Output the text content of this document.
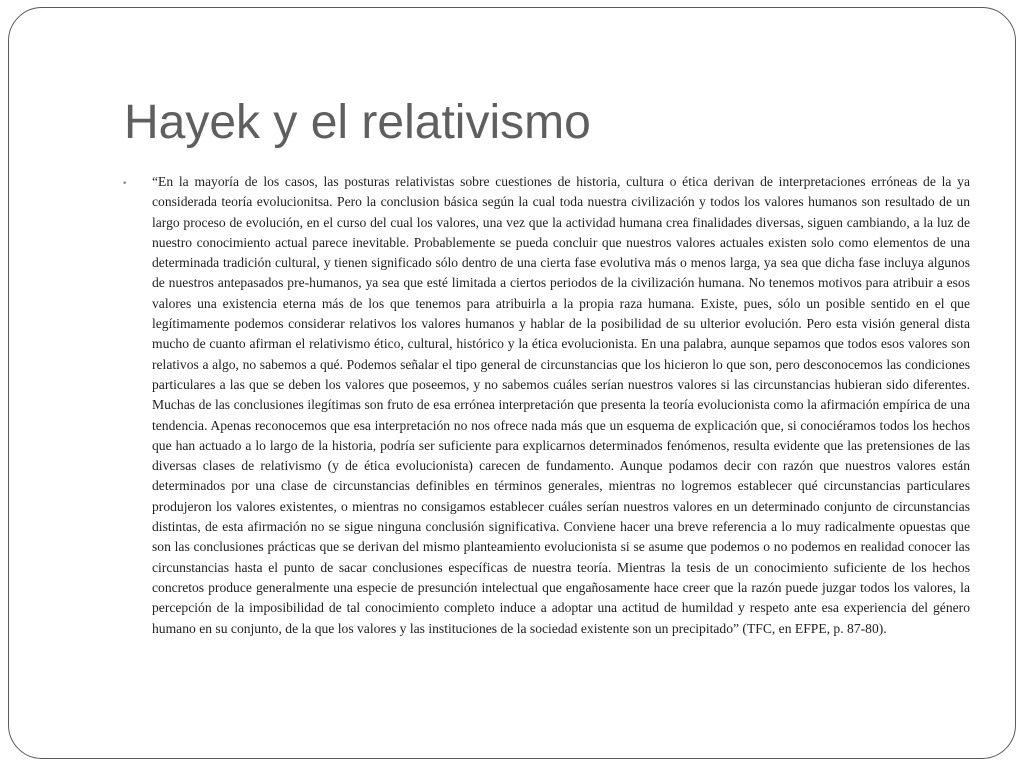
Hayek y el relativismo
• “En la mayoría de los casos, las posturas relativistas sobre cuestiones de historia, cultura o ética derivan de interpretaciones erróneas de la ya considerada teoría evolucionitsa. Pero la conclusion básica según la cual toda nuestra civilización y todos los valores humanos son resultado de un largo proceso de evolución, en el curso del cual los valores, una vez que la actividad humana crea finalidades diversas, siguen cambiando, a la luz de nuestro conocimiento actual parece inevitable. Probablemente se pueda concluir que nuestros valores actuales existen solo como elementos de una determinada tradición cultural, y tienen significado sólo dentro de una cierta fase evolutiva más o menos larga, ya sea que dicha fase incluya algunos de nuestros antepasados pre-humanos, ya sea que esté limitada a ciertos periodos de la civilización humana. No tenemos motivos para atribuir a esos valores una existencia eterna más de los que tenemos para atribuirla a la propia raza humana. Existe, pues, sólo un posible sentido en el que legítimamente podemos considerar relativos los valores humanos y hablar de la posibilidad de su ulterior evolución. Pero esta visión general dista mucho de cuanto afirman el relativismo ético, cultural, histórico y la ética evolucionista. En una palabra, aunque sepamos que todos esos valores son relativos a algo, no sabemos a qué. Podemos señalar el tipo general de circunstancias que los hicieron lo que son, pero desconocemos las condiciones particulares a las que se deben los valores que poseemos, y no sabemos cuáles serían nuestros valores si las circunstancias hubieran sido diferentes. Muchas de las conclusiones ilegítimas son fruto de esa errónea interpretación que presenta la teoría evolucionista como la afirmación empírica de una tendencia. Apenas reconocemos que esa interpretación no nos ofrece nada más que un esquema de explicación que, si conociéramos todos los hechos que han actuado a lo largo de la historia, podría ser suficiente para explicarnos determinados fenómenos, resulta evidente que las pretensiones de las diversas clases de relativismo (y de ética evolucionista) carecen de fundamento. Aunque podamos decir con razón que nuestros valores están determinados por una clase de circunstancias definibles en términos generales, mientras no logremos establecer qué circunstancias particulares produjeron los valores existentes, o mientras no consigamos establecer cuáles serían nuestros valores en un determinado conjunto de circunstancias distintas, de esta afirmación no se sigue ninguna conclusión significativa. Conviene hacer una breve referencia a lo muy radicalmente opuestas que son las conclusiones prácticas que se derivan del mismo planteamiento evolucionista si se asume que podemos o no podemos en realidad conocer las circunstancias hasta el punto de sacar conclusiones específicas de nuestra teoría. Mientras la tesis de un conocimiento suficiente de los hechos concretos produce generalmente una especie de presunción intelectual que engañosamente hace creer que la razón puede juzgar todos los valores, la percepción de la imposibilidad de tal conocimiento completo induce a adoptar una actitud de humildad y respeto ante esa experiencia del género humano en su conjunto, de la que los valores y las instituciones de la sociedad existente son un precipitado” (TFC, en EFPE, p. 87-80).
